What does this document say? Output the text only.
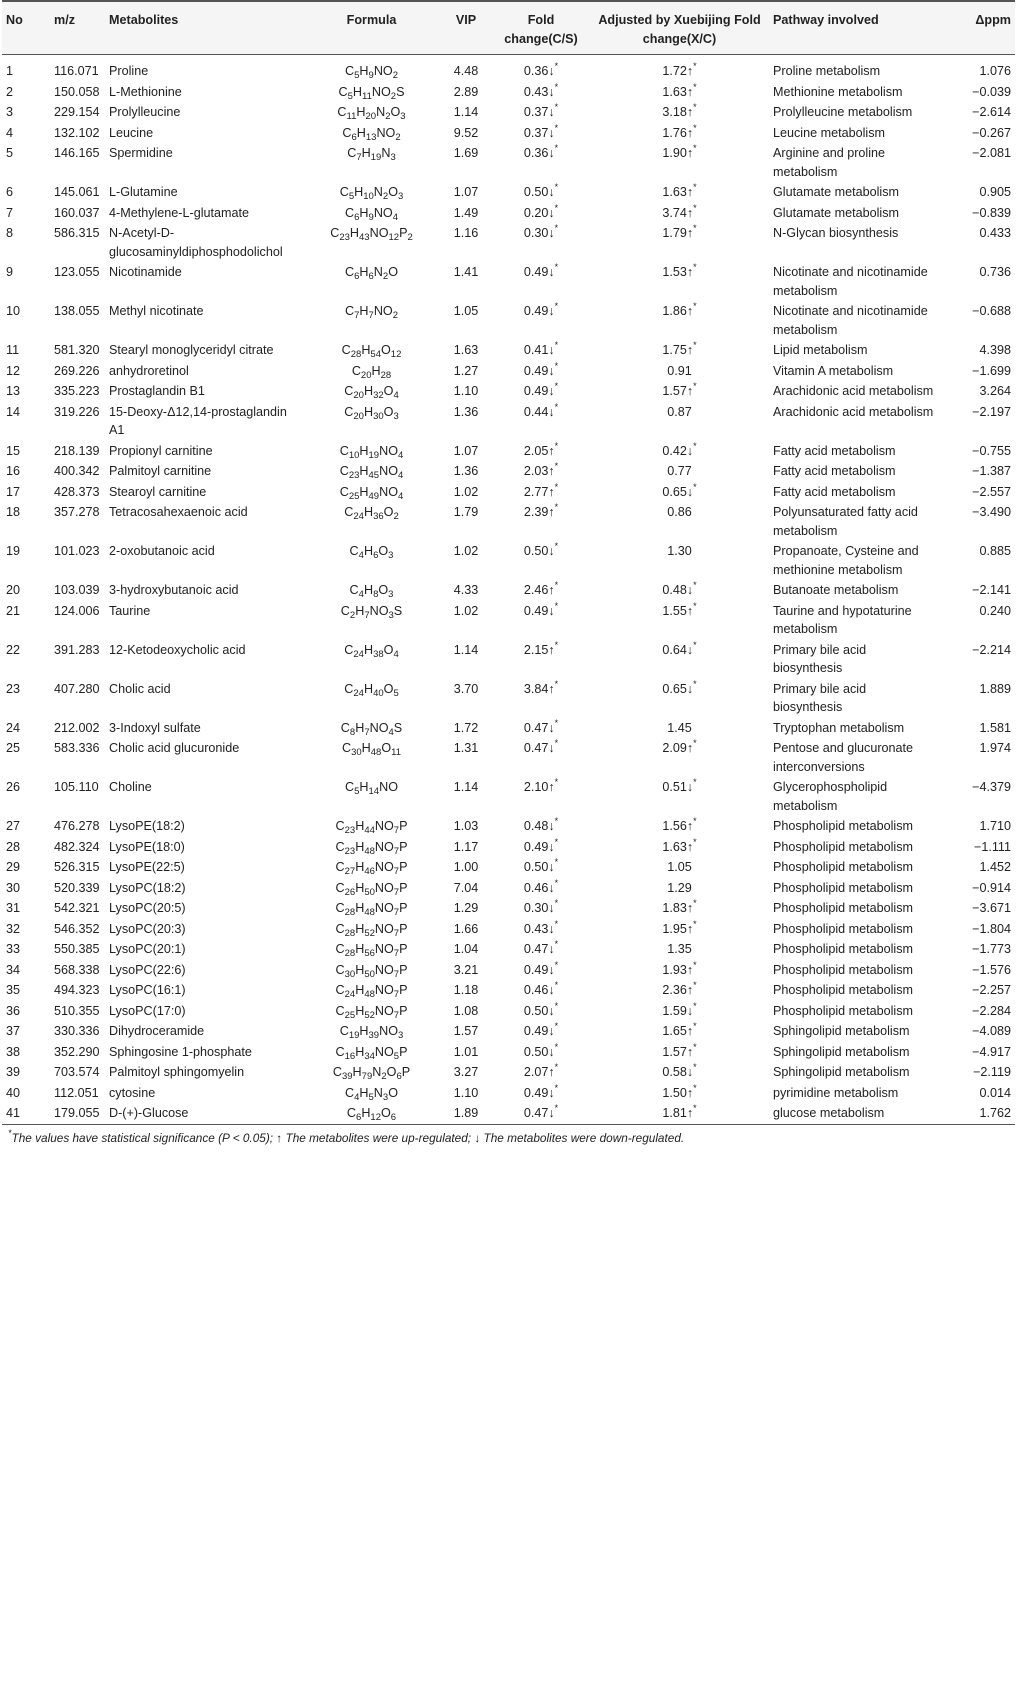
No	m/z	Metabolites	Formula	VIP	Fold change(C/S)	Adjusted by Xuebijing Fold change(X/C)	Pathway involved	Δppm
1	116.071	Proline	$C_5H_9NO_2$	4.48	0.36↓*	1.72↑*	Proline metabolism	1.076
2	150.058	L-Methionine	$C_5H_{11}NO_2S$	2.89	0.43↓*	1.63↑*	Methionine metabolism	−0.039
3	229.154	Prolylleucine	$C_{11}H_{20}N_2O_3$	1.14	0.37↓*	3.18↑*	Prolylleucine metabolism	−2.614
4	132.102	Leucine	$C_6H_{13}NO_2$	9.52	0.37↓*	1.76↑*	Leucine metabolism	−0.267
5	146.165	Spermidine	$C_7H_{19}N_3$	1.69	0.36↓*	1.90↑*	Arginine and proline metabolism	−2.081
6	145.061	L-Glutamine	$C_5H_{10}N_2O_3$	1.07	0.50↓*	1.63↑*	Glutamate metabolism	0.905
7	160.037	4-Methylene-L-glutamate	$C_6H_9NO_4$	1.49	0.20↓*	3.74↑*	Glutamate metabolism	−0.839
8	586.315	N-Acetyl-D-glucosaminyldiphosphodolichol	$C_{23}H_{43}NO_{12}P_2$	1.16	0.30↓*	1.79↑*	N-Glycan biosynthesis	0.433
9	123.055	Nicotinamide	$C_6H_6N_2O$	1.41	0.49↓*	1.53↑*	Nicotinate and nicotinamide metabolism	0.736
10	138.055	Methyl nicotinate	$C_7H_7NO_2$	1.05	0.49↓*	1.86↑*	Nicotinate and nicotinamide metabolism	−0.688
11	581.320	Stearyl monoglyceridyl citrate	$C_{28}H_{54}O_{12}$	1.63	0.41↓*	1.75↑*	Lipid metabolism	4.398
12	269.226	anhydroretinol	$C_{20}H_{28}$	1.27	0.49↓*	0.91	Vitamin A metabolism	−1.699
13	335.223	Prostaglandin B1	$C_{20}H_{32}O_4$	1.10	0.49↓*	1.57↑*	Arachidonic acid metabolism	3.264
14	319.226	15-Deoxy-Δ12,14-prostaglandin A1	$C_{20}H_{30}O_3$	1.36	0.44↓*	0.87	Arachidonic acid metabolism	−2.197
15	218.139	Propionyl carnitine	$C_{10}H_{19}NO_4$	1.07	2.05↑*	0.42↓*	Fatty acid metabolism	−0.755
16	400.342	Palmitoyl carnitine	$C_{23}H_{45}NO_4$	1.36	2.03↑*	0.77	Fatty acid metabolism	−1.387
17	428.373	Stearoyl carnitine	$C_{25}H_{49}NO_4$	1.02	2.77↑*	0.65↓*	Fatty acid metabolism	−2.557
18	357.278	Tetracosahexaenoic acid	$C_{24}H_{36}O_2$	1.79	2.39↑*	0.86	Polyunsaturated fatty acid metabolism	−3.490
19	101.023	2-oxobutanoic acid	$C_4H_6O_3$	1.02	0.50↓*	1.30	Propanoate, Cysteine and methionine metabolism	0.885
20	103.039	3-hydroxybutanoic acid	$C_4H_8O_3$	4.33	2.46↑*	0.48↓*	Butanoate metabolism	−2.141
21	124.006	Taurine	$C_2H_7NO_3S$	1.02	0.49↓*	1.55↑*	Taurine and hypotaturine metabolism	0.240
22	391.283	12-Ketodeoxycholic acid	$C_{24}H_{38}O_4$	1.14	2.15↑*	0.64↓*	Primary bile acid biosynthesis	−2.214
23	407.280	Cholic acid	$C_{24}H_{40}O_5$	3.70	3.84↑*	0.65↓*	Primary bile acid biosynthesis	1.889
24	212.002	3-Indoxyl sulfate	$C_8H_7NO_4S$	1.72	0.47↓*	1.45	Tryptophan metabolism	1.581
25	583.336	Cholic acid glucuronide	$C_{30}H_{48}O_{11}$	1.31	0.47↓*	2.09↑*	Pentose and glucuronate interconversions	1.974
26	105.110	Choline	$C_5H_{14}NO$	1.14	2.10↑*	0.51↓*	Glycerophospholipid metabolism	−4.379
27	476.278	LysoPE(18:2)	$C_{23}H_{44}NO_7P$	1.03	0.48↓*	1.56↑*	Phospholipid metabolism	1.710
28	482.324	LysoPE(18:0)	$C_{23}H_{48}NO_7P$	1.17	0.49↓*	1.63↑*	Phospholipid metabolism	−1.111
29	526.315	LysoPE(22:5)	$C_{27}H_{46}NO_7P$	1.00	0.50↓*	1.05	Phospholipid metabolism	1.452
30	520.339	LysoPC(18:2)	$C_{26}H_{50}NO_7P$	7.04	0.46↓*	1.29	Phospholipid metabolism	−0.914
31	542.321	LysoPC(20:5)	$C_{28}H_{48}NO_7P$	1.29	0.30↓*	1.83↑*	Phospholipid metabolism	−3.671
32	546.352	LysoPC(20:3)	$C_{28}H_{52}NO_7P$	1.66	0.43↓*	1.95↑*	Phospholipid metabolism	−1.804
33	550.385	LysoPC(20:1)	$C_{28}H_{56}NO_7P$	1.04	0.47↓*	1.35	Phospholipid metabolism	−1.773
34	568.338	LysoPC(22:6)	$C_{30}H_{50}NO_7P$	3.21	0.49↓*	1.93↑*	Phospholipid metabolism	−1.576
35	494.323	LysoPC(16:1)	$C_{24}H_{48}NO_7P$	1.18	0.46↓*	2.36↑*	Phospholipid metabolism	−2.257
36	510.355	LysoPC(17:0)	$C_{25}H_{52}NO_7P$	1.08	0.50↓*	1.59↓*	Phospholipid metabolism	−2.284
37	330.336	Dihydroceramide	$C_{19}H_{39}NO_3$	1.57	0.49↓*	1.65↑*	Sphingolipid metabolism	−4.089
38	352.290	Sphingosine 1-phosphate	$C_{16}H_{34}NO_5P$	1.01	0.50↓*	1.57↑*	Sphingolipid metabolism	−4.917
39	703.574	Palmitoyl sphingomyelin	$C_{39}H_{79}N_2O_6P$	3.27	2.07↑*	0.58↓*	Sphingolipid metabolism	−2.119
40	112.051	cytosine	$C_4H_5N_3O$	1.10	0.49↓*	1.50↑*	pyrimidine metabolism	0.014
41	179.055	D-(+)-Glucose	$C_6H_{12}O_6$	1.89	0.47↓*	1.81↑*	glucose metabolism	1.762
*The values have statistical significance (P < 0.05); ↑ The metabolites were up-regulated; ↓ The metabolites were down-regulated.
